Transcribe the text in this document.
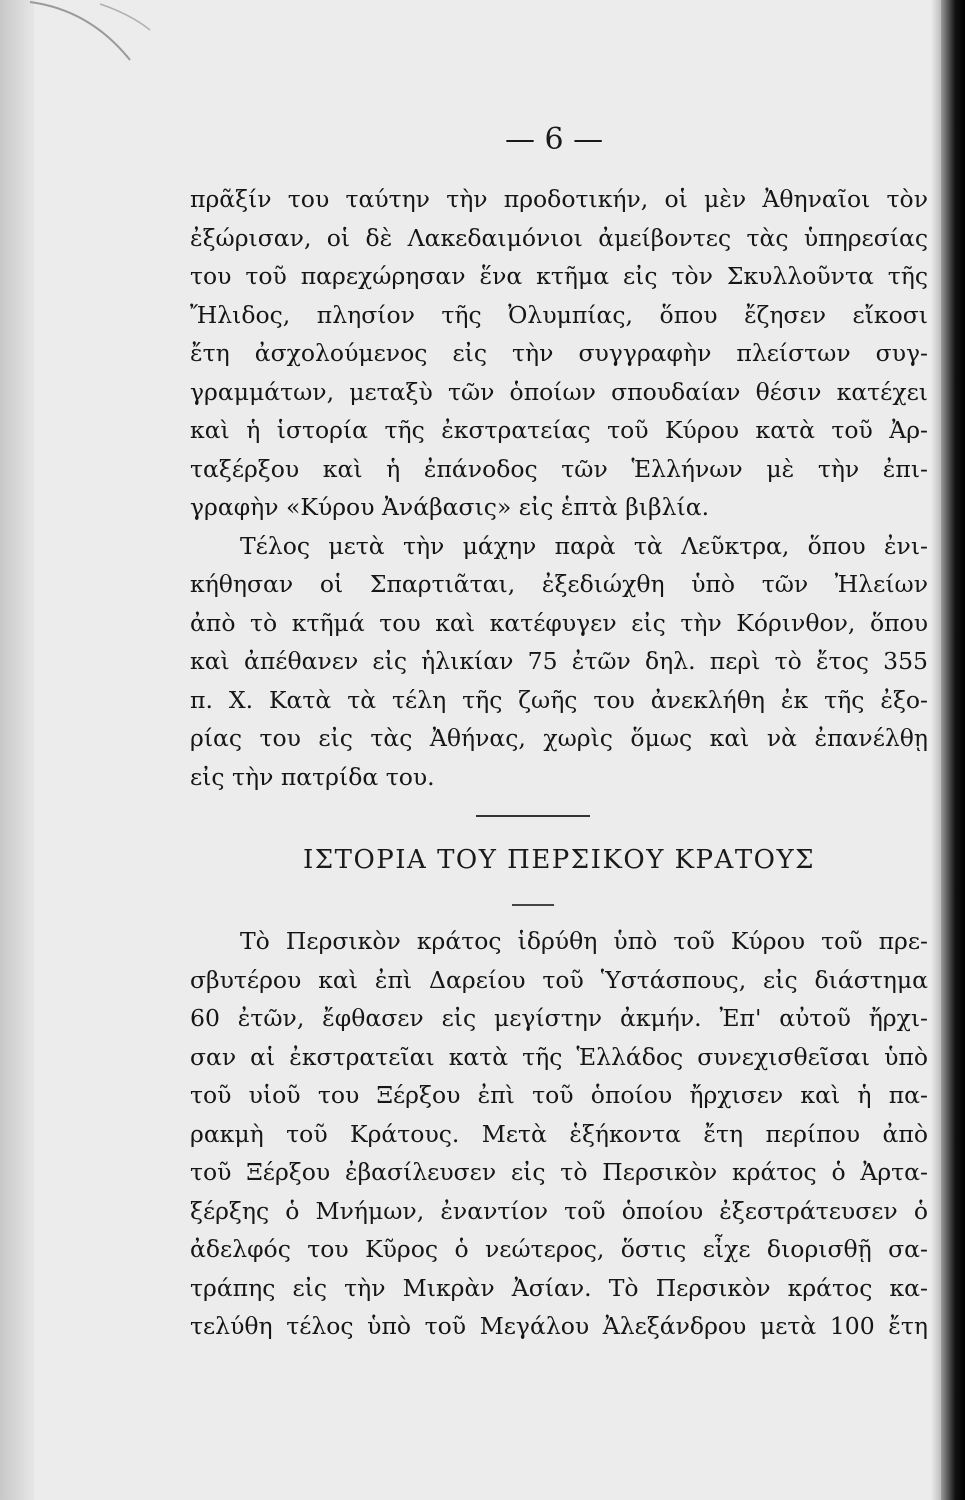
— 6 —
πρᾶξίν του ταύτην τὴν προδοτικήν, οἱ μὲν Ἀθηναῖοι τὸν
ἐξώρισαν, οἱ δὲ Λακεδαιμόνιοι ἀμείβοντες τὰς ὑπηρεσίας
του τοῦ παρεχώρησαν ἕνα κτῆμα εἰς τὸν Σκυλλοῦντα τῆς
Ἤλιδος, πλησίον τῆς Ὀλυμπίας, ὅπου ἔζησεν εἴκοσι
ἔτη ἀσχολούμενος εἰς τὴν συγγραφὴν πλείστων συγ-
γραμμάτων, μεταξὺ τῶν ὁποίων σπουδαίαν θέσιν κατέχει
καὶ ἡ ἱστορία τῆς ἐκστρατείας τοῦ Κύρου κατὰ τοῦ Ἀρ-
ταξέρξου καὶ ἡ ἐπάνοδος τῶν Ἑλλήνων μὲ τὴν ἐπι-
γραφὴν «Κύρου Ἀνάβασις» εἰς ἑπτὰ βιβλία.
Τέλος μετὰ τὴν μάχην παρὰ τὰ Λεῦκτρα, ὅπου ἐνι-
κήθησαν οἱ Σπαρτιᾶται, ἐξεδιώχθη ὑπὸ τῶν Ἠλείων
ἀπὸ τὸ κτῆμά του καὶ κατέφυγεν εἰς τὴν Κόρινθον, ὅπου
καὶ ἀπέθανεν εἰς ἡλικίαν 75 ἐτῶν δηλ. περὶ τὸ ἔτος 355
π. Χ. Κατὰ τὰ τέλη τῆς ζωῆς του ἀνεκλήθη ἐκ τῆς ἐξο-
ρίας του εἰς τὰς Ἀθήνας, χωρὶς ὅμως καὶ νὰ ἐπανέλθῃ
εἰς τὴν πατρίδα του.
ΙΣΤΟΡΙΑ ΤΟΥ ΠΕΡΣΙΚΟΥ ΚΡΑΤΟΥΣ
Τὸ Περσικὸν κράτος ἱδρύθη ὑπὸ τοῦ Κύρου τοῦ πρε-
σβυτέρου καὶ ἐπὶ Δαρείου τοῦ Ὑστάσπους, εἰς διάστημα
60 ἐτῶν, ἔφθασεν εἰς μεγίστην ἀκμήν. Ἐπ' αὐτοῦ ἤρχι-
σαν αἱ ἐκστρατεῖαι κατὰ τῆς Ἑλλάδος συνεχισθεῖσαι ὑπὸ
τοῦ υἱοῦ του Ξέρξου ἐπὶ τοῦ ὁποίου ἤρχισεν καὶ ἡ πα-
ρακμὴ τοῦ Κράτους. Μετὰ ἑξήκοντα ἔτη περίπου ἀπὸ
τοῦ Ξέρξου ἐβασίλευσεν εἰς τὸ Περσικὸν κράτος ὁ Ἀρτα-
ξέρξης ὁ Μνήμων, ἐναντίον τοῦ ὁποίου ἐξεστράτευσεν ὁ
ἀδελφός του Κῦρος ὁ νεώτερος, ὅστις εἶχε διορισθῇ σα-
τράπης εἰς τὴν Μικρὰν Ἀσίαν. Τὸ Περσικὸν κράτος κα-
τελύθη τέλος ὑπὸ τοῦ Μεγάλου Ἀλεξάνδρου μετὰ 100 ἔτη
